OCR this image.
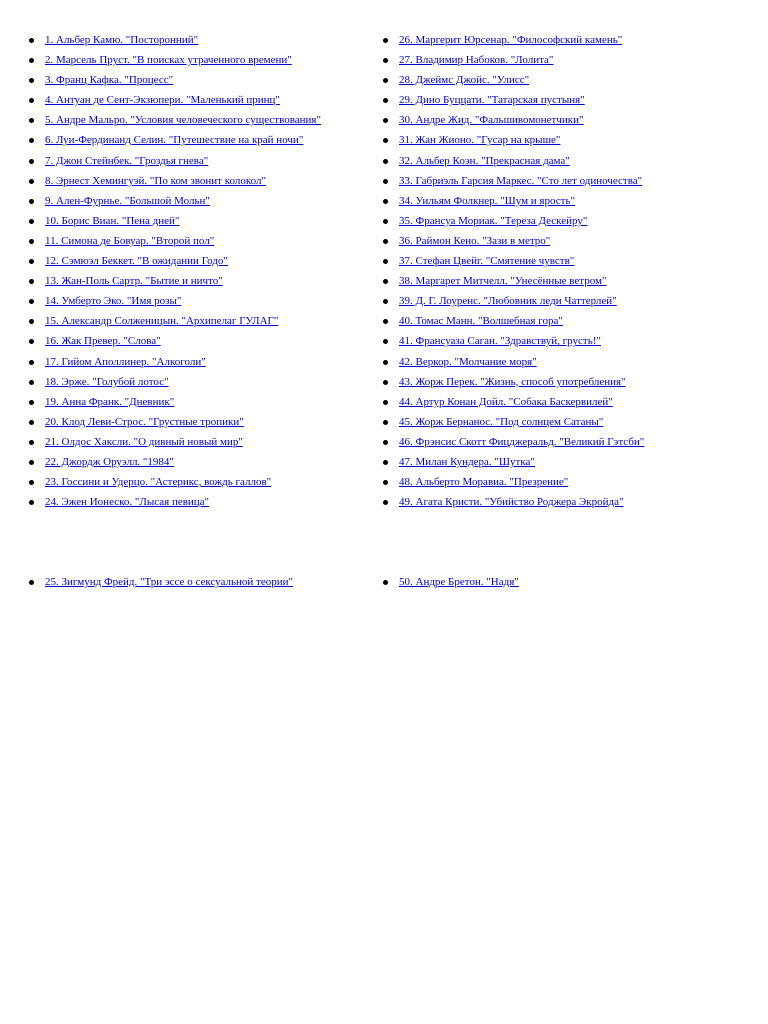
1. Альбер Камю. "Посторонний"
2. Марсель Пруст. "В поисках утраченного времени"
3. Франц Кафка. "Процесс"
4. Антуан де Сент-Экзюпери. "Маленький принц"
5. Андре Мальро. "Условия человеческого существования"
6. Луи-Фердинанд Селин. "Путешествие на край ночи"
7. Джон Стейнбек. "Гроздья гнева"
8. Эрнест Хемингуэй. "По ком звонит колокол"
9. Ален-Фурнье. "Большой Мольн"
10. Борис Виан. "Пена дней"
11. Симона де Бовуар. "Второй пол"
12. Сэмюэл Беккет. "В ожидании Годо"
13. Жан-Поль Сартр. "Бытие и ничто"
14. Умберто Эко. "Имя розы"
15. Александр Солженицын. "Архипелаг ГУЛАГ"
16. Жак Превер. "Слова"
17. Гийом Аполлинер. "Алкоголи"
18. Эрже. "Голубой лотос"
19. Анна Франк. "Дневник"
20. Клод Леви-Строс. "Грустные тропики"
21. Олдос Хаксли. "О дивный новый мир"
22. Джордж Оруэлл. "1984"
23. Госсини и Удерцо. "Астерикс, вождь галлов"
24. Эжен Ионеско. "Лысая певица"
26. Маргерит Юрсенар. "Философский камень"
27. Владимир Набоков. "Лолита"
28. Джеймс Джойс. "Улисс"
29. Дино Буццати. "Татарская пустыня"
30. Андре Жид. "Фальшивомонетчики"
31. Жан Жионо. "Гусар на крыше"
32. Альбер Коэн. "Прекрасная дама"
33. Габриэль Гарсия Маркес. "Сто лет одиночества"
34. Уильям Фолкнер. "Шум и ярость"
35. Франсуа Мориак. "Тереза Дескейру"
36. Раймон Кено. "Зази в метро"
37. Стефан Цвейг. "Смятение чувств"
38. Маргарет Митчелл. "Унесённые ветром"
39. Д. Г. Лоуренс. "Любовник леди Чаттерлей"
40. Томас Манн. "Волшебная гора"
41. Франсуаза Саган. "Здравствуй, грусть!"
42. Веркор. "Молчание моря"
43. Жорж Перек. "Жизнь, способ употребления"
44. Артур Конан Дойл. "Собака Баскервилей"
45. Жорж Бернанос. "Под солнцем Сатаны"
46. Фрэнсис Скотт Фицджеральд. "Великий Гэтсби"
47. Милан Кундера. "Шутка"
48. Альберто Моравиа. "Презрение"
49. Агата Кристи. "Убийство Роджера Экройда"
25. Зигмунд Фрейд. "Три эссе о сексуальной теории"	50. Андре Бретон. "Надя"
